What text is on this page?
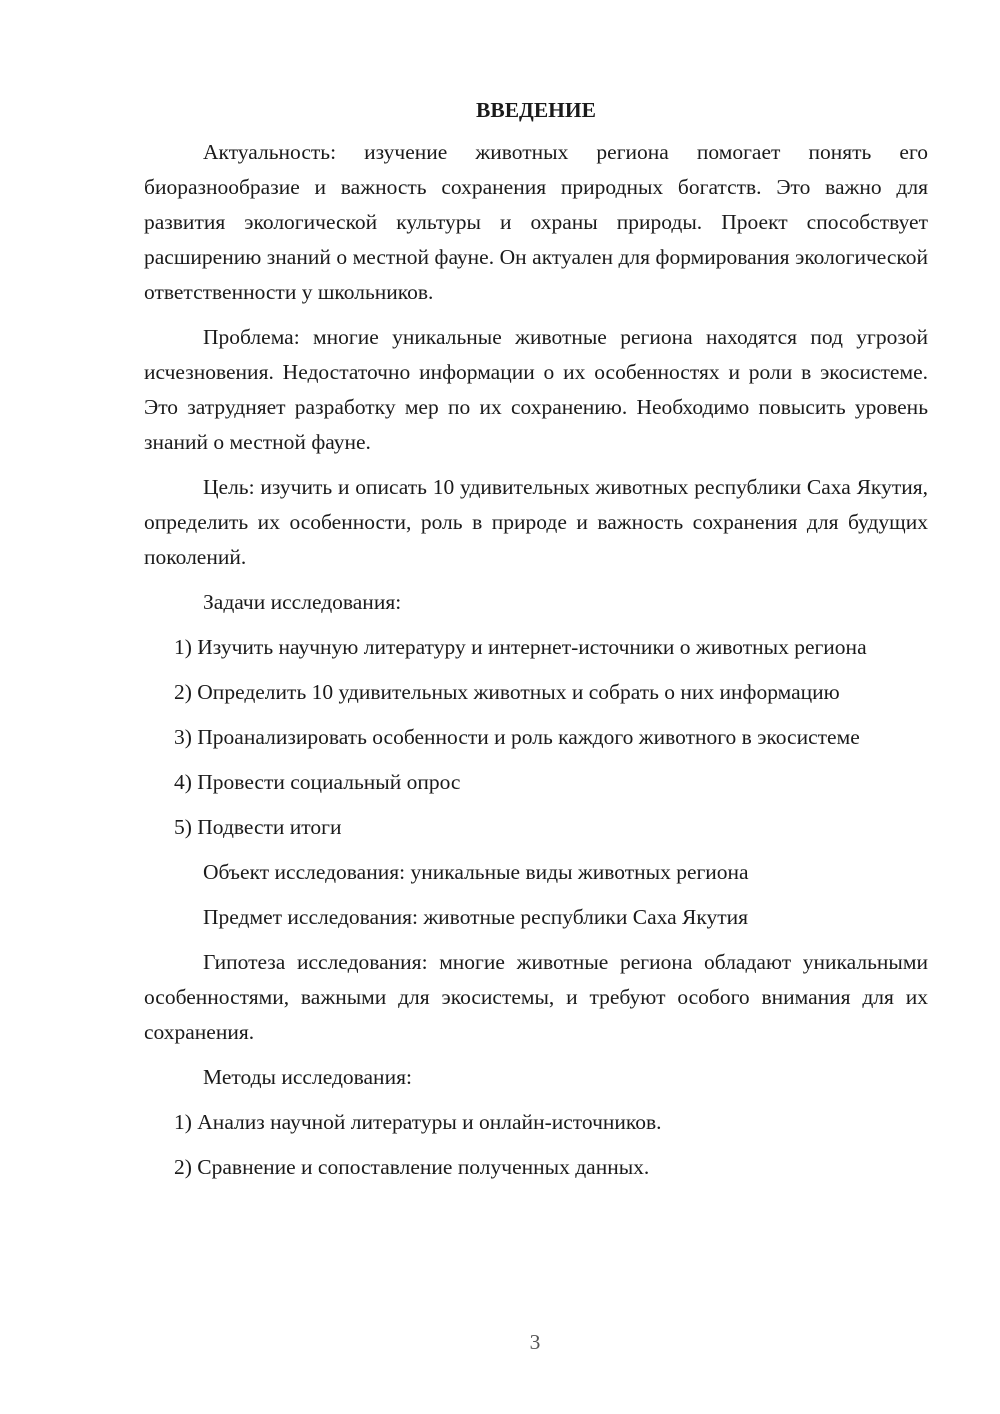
ВВЕДЕНИЕ

Актуальность: изучение животных региона помогает понять его биоразнообразие и важность сохранения природных богатств. Это важно для развития экологической культуры и охраны природы. Проект способствует расширению знаний о местной фауне. Он актуален для формирования экологической ответственности у школьников.

Проблема: многие уникальные животные региона находятся под угрозой исчезновения. Недостаточно информации о их особенностях и роли в экосистеме. Это затрудняет разработку мер по их сохранению. Необходимо повысить уровень знаний о местной фауне.

Цель: изучить и описать 10 удивительных животных республики Саха Якутия, определить их особенности, роль в природе и важность сохранения для будущих поколений.

Задачи исследования:

1) Изучить научную литературу и интернет-источники о животных региона

2) Определить 10 удивительных животных и собрать о них информацию

3) Проанализировать особенности и роль каждого животного в экосистеме

4) Провести социальный опрос

5) Подвести итоги

Объект исследования: уникальные виды животных региона

Предмет исследования: животные республики Саха Якутия

Гипотеза исследования: многие животные региона обладают уникальными особенностями, важными для экосистемы, и требуют особого внимания для их сохранения.

Методы исследования:

1) Анализ научной литературы и онлайн-источников.

2) Сравнение и сопоставление полученных данных.

3
